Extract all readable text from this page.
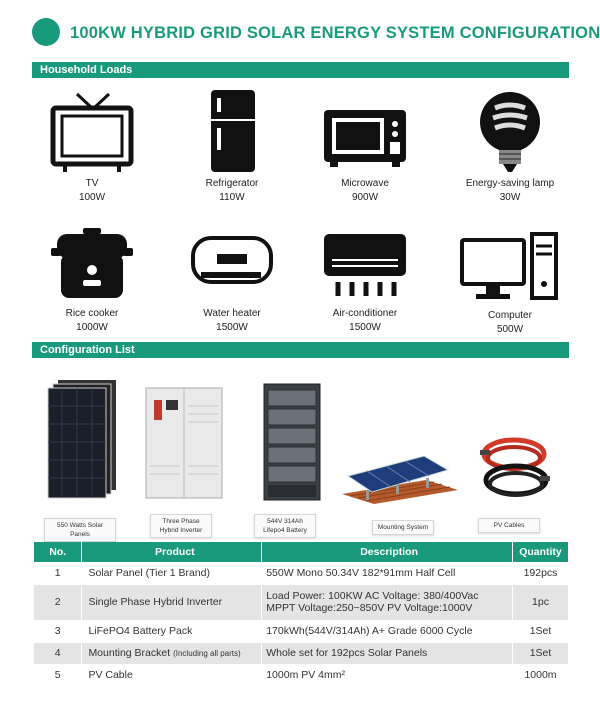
100KW HYBRID GRID SOLAR ENERGY SYSTEM CONFIGURATION
Household Loads
TV
100W
Refrigerator
110W
Microwave
900W
Energy-saving lamp
30W
Rice cooker
1000W
Water heater
1500W
Air-conditioner
1500W
Computer
500W
Configuration List
550 Watts Solar Panels
Three Phase
Hybrid Inverter
544V 314Ah
Lifepo4 Battery	Mounting System	PV Cables
No.	Product	Description	Quantity
1	Solar Panel (Tier 1 Brand)	550W Mono 50.34V 182*91mm Half Cell	192pcs
2	Single Phase Hybrid Inverter	Load Power: 100KW AC Voltage: 380/400Vac
MPPT Voltage:250~850V PV Voltage:1000V	1pc
3	LiFePO4 Battery Pack	170kWh(544V/314Ah) A+ Grade 6000 Cycle	1Set
4	Mounting Bracket (Including all parts)	Whole set for 192pcs Solar Panels	1Set
5	PV Cable	1000m PV 4mm²	1000m
